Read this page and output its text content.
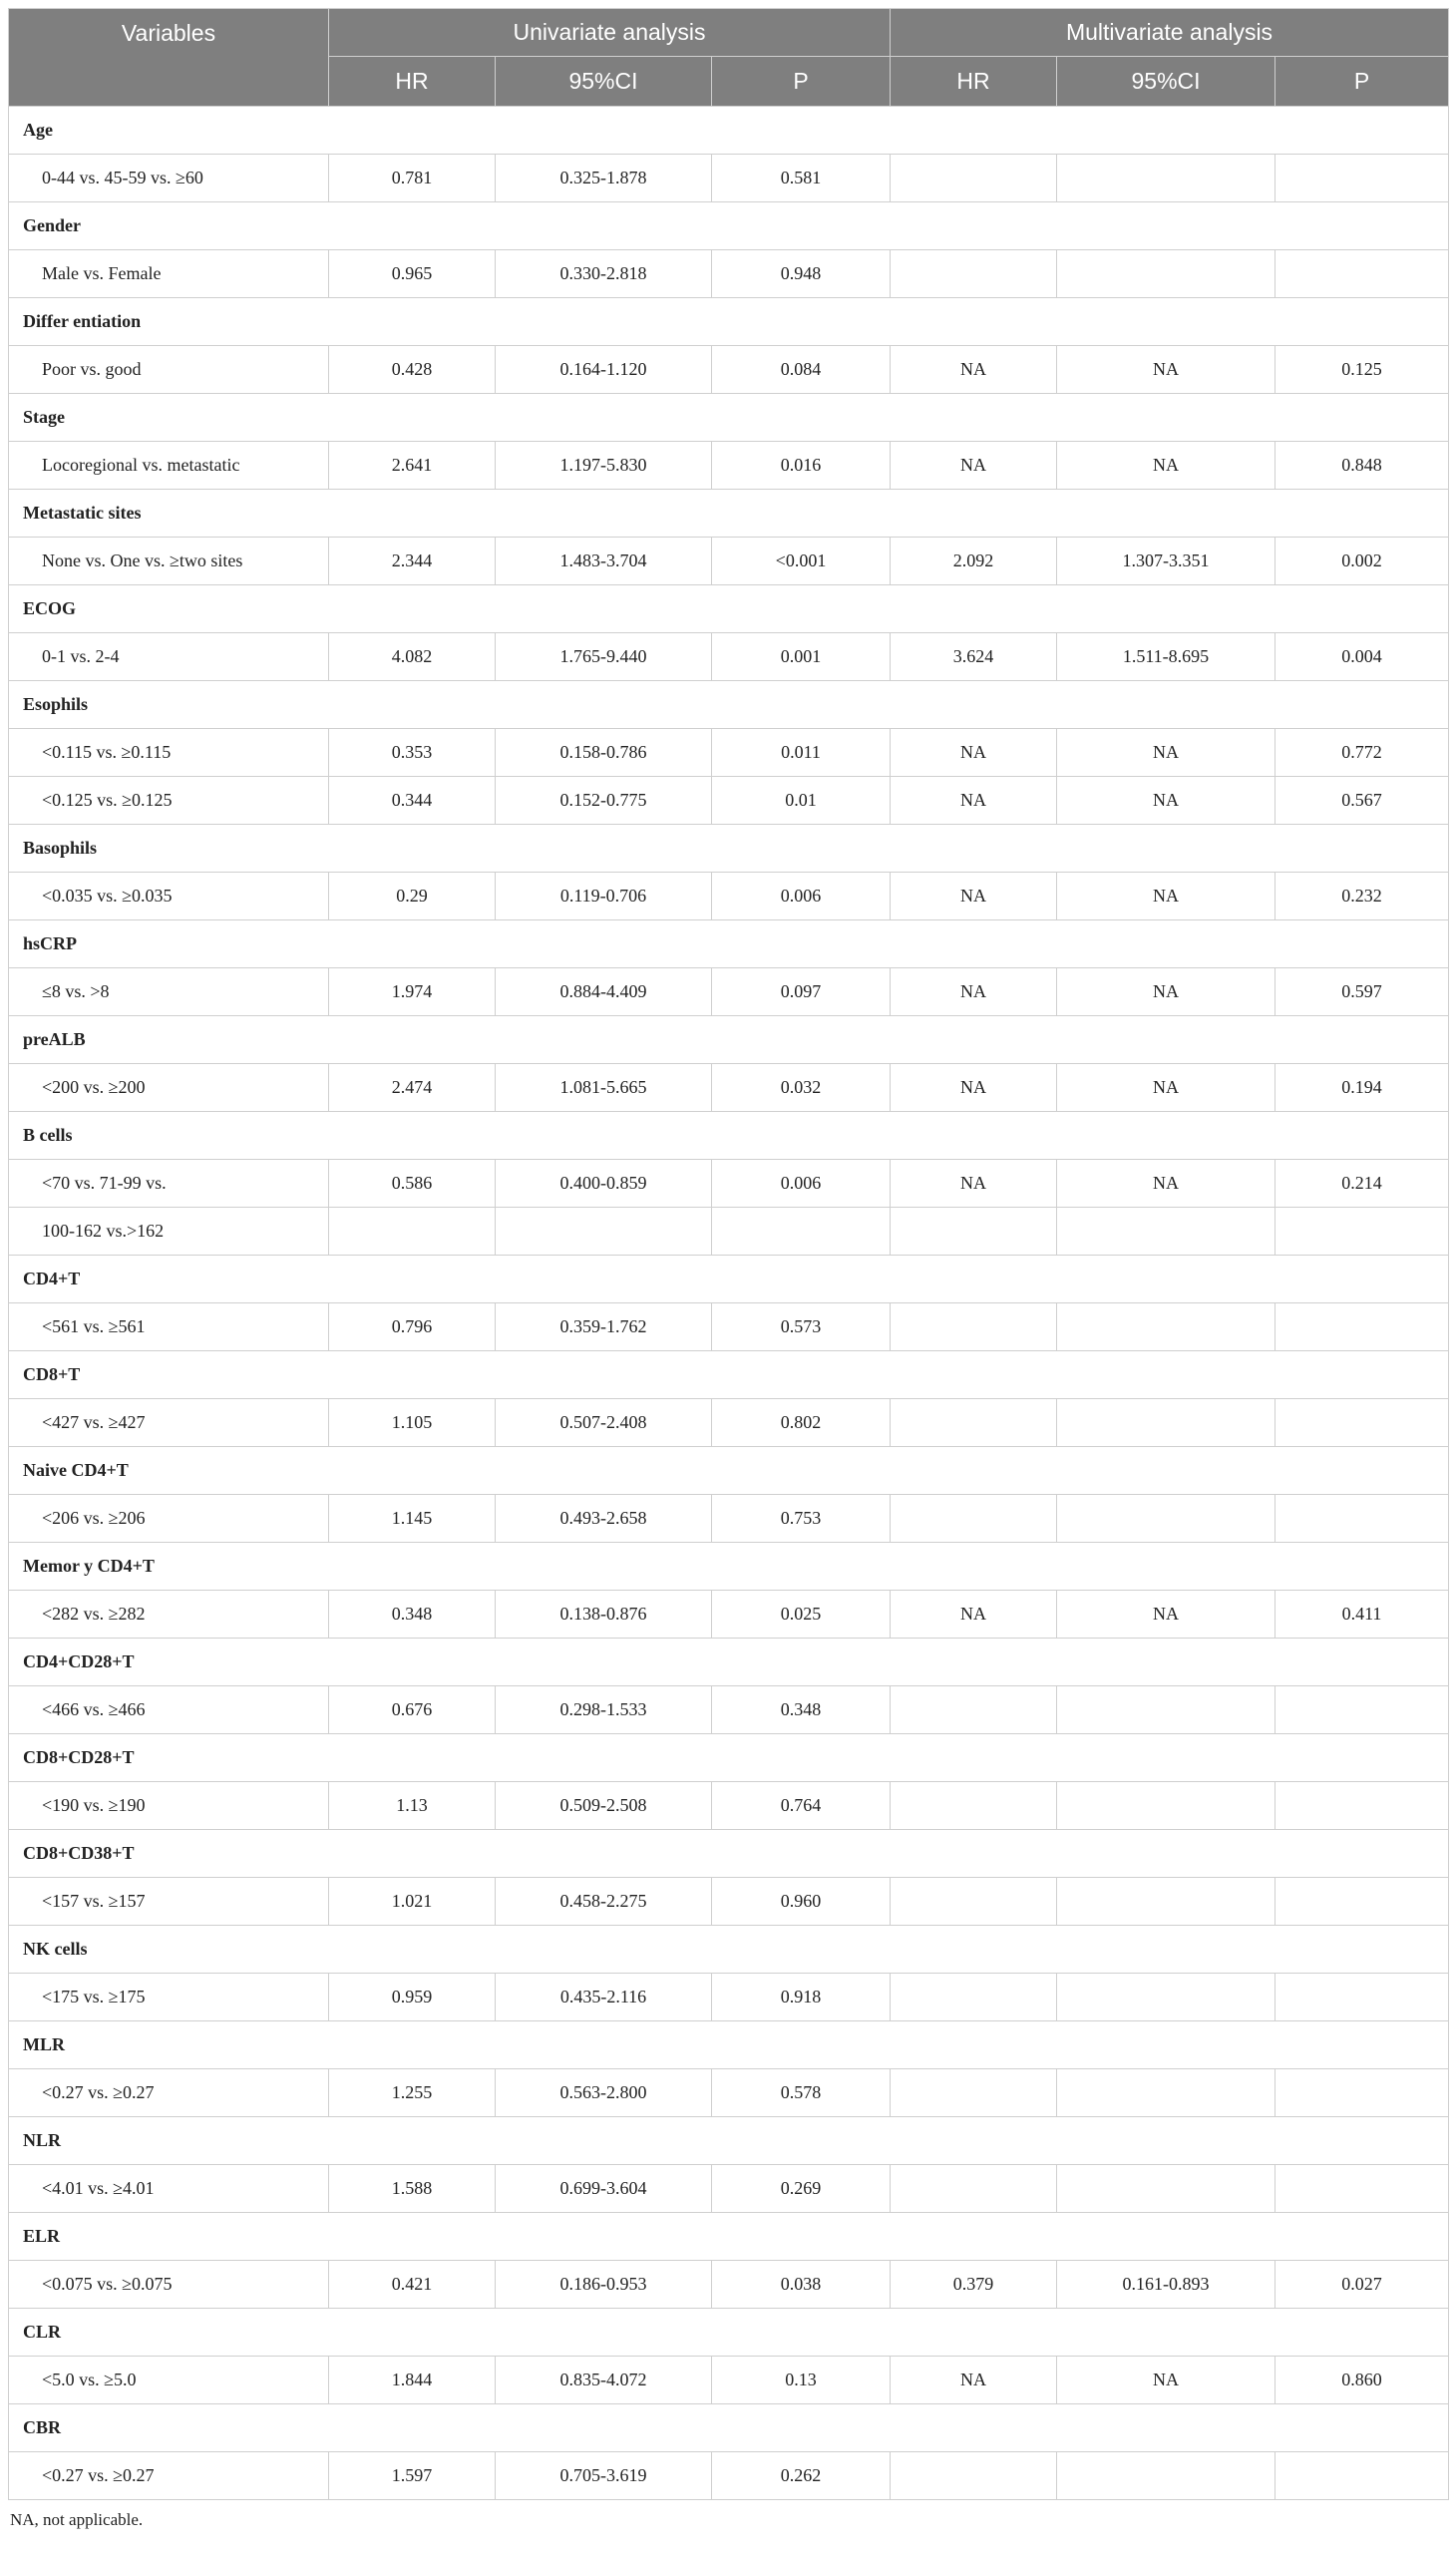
Variables	Univariate analysis			Multivariate analysis		
	HR	95%CI	P	HR	95%CI	P
Age						
0-44 vs. 45-59 vs. ≥60	0.781	0.325-1.878	0.581			
Gender						
Male vs. Female	0.965	0.330-2.818	0.948			
Differ entiation						
Poor vs. good	0.428	0.164-1.120	0.084	NA	NA	0.125
Stage						
Locoregional vs. metastatic	2.641	1.197-5.830	0.016	NA	NA	0.848
Metastatic sites						
None vs. One vs. ≥two sites	2.344	1.483-3.704	<0.001	2.092	1.307-3.351	0.002
ECOG						
0-1 vs. 2-4	4.082	1.765-9.440	0.001	3.624	1.511-8.695	0.004
Esophils						
<0.115 vs. ≥0.115	0.353	0.158-0.786	0.011	NA	NA	0.772
<0.125 vs. ≥0.125	0.344	0.152-0.775	0.01	NA	NA	0.567
Basophils						
<0.035 vs. ≥0.035	0.29	0.119-0.706	0.006	NA	NA	0.232
hsCRP						
≤8 vs. >8	1.974	0.884-4.409	0.097	NA	NA	0.597
preALB						
<200 vs. ≥200	2.474	1.081-5.665	0.032	NA	NA	0.194
B cells						
<70 vs. 71-99 vs.	0.586	0.400-0.859	0.006	NA	NA	0.214
100-162 vs.>162						
CD4+T						
<561 vs. ≥561	0.796	0.359-1.762	0.573			
CD8+T						
<427 vs. ≥427	1.105	0.507-2.408	0.802			
Naive CD4+T						
<206 vs. ≥206	1.145	0.493-2.658	0.753			
Memor y CD4+T						
<282 vs. ≥282	0.348	0.138-0.876	0.025	NA	NA	0.411
CD4+CD28+T						
<466 vs. ≥466	0.676	0.298-1.533	0.348			
CD8+CD28+T						
<190 vs. ≥190	1.13	0.509-2.508	0.764			
CD8+CD38+T						
<157 vs. ≥157	1.021	0.458-2.275	0.960			
NK cells						
<175 vs. ≥175	0.959	0.435-2.116	0.918			
MLR						
<0.27 vs. ≥0.27	1.255	0.563-2.800	0.578			
NLR						
<4.01 vs. ≥4.01	1.588	0.699-3.604	0.269			
ELR						
<0.075 vs. ≥0.075	0.421	0.186-0.953	0.038	0.379	0.161-0.893	0.027
CLR						
<5.0 vs. ≥5.0	1.844	0.835-4.072	0.13	NA	NA	0.860
CBR						
<0.27 vs. ≥0.27	1.597	0.705-3.619	0.262			
NA, not applicable.
